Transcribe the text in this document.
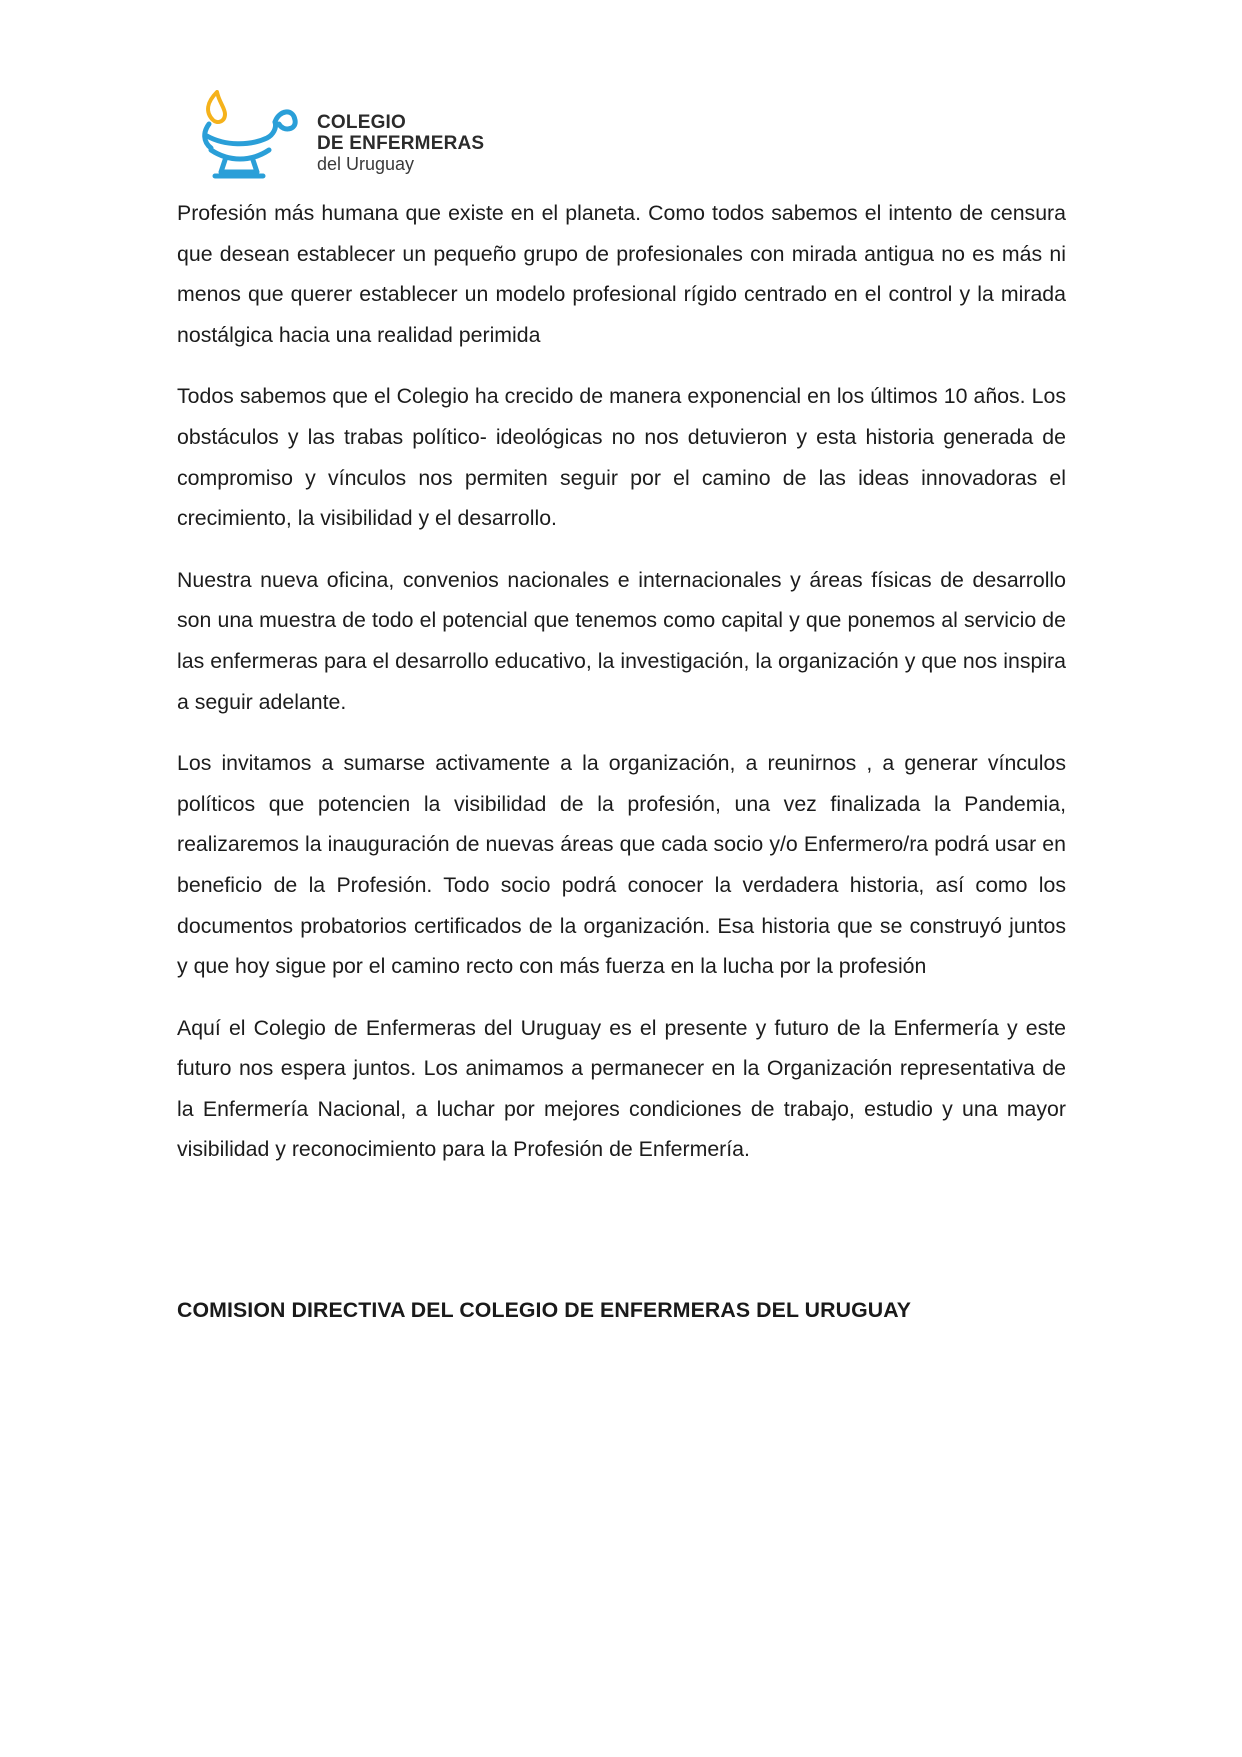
COLEGIO
DE ENFERMERAS
del Uruguay

Profesión más humana que existe en el planeta. Como todos sabemos el intento de censura que desean establecer un pequeño grupo de profesionales con mirada antigua no es más ni menos que querer establecer un modelo profesional rígido centrado en el control y la mirada nostálgica hacia una realidad perimida

Todos sabemos que el Colegio ha crecido de manera exponencial en los últimos 10 años. Los obstáculos y las trabas político- ideológicas no nos detuvieron y esta historia generada de compromiso y vínculos nos permiten seguir por el camino de las ideas innovadoras el crecimiento, la visibilidad y el desarrollo.

Nuestra nueva oficina, convenios nacionales e internacionales y áreas físicas de desarrollo son una muestra de todo el potencial que tenemos como capital y que ponemos al servicio de las enfermeras para el desarrollo educativo, la investigación, la organización y que nos inspira a seguir adelante.

Los invitamos a sumarse activamente a la organización, a reunirnos , a generar vínculos políticos que potencien la visibilidad de la profesión, una vez finalizada la Pandemia, realizaremos la inauguración de nuevas áreas que cada socio y/o Enfermero/ra podrá usar en beneficio de la Profesión. Todo socio podrá conocer la verdadera historia, así como los documentos probatorios certificados de la organización. Esa historia que se construyó juntos y que hoy sigue por el camino recto con más fuerza en la lucha por la profesión

Aquí el Colegio de Enfermeras del Uruguay es el presente y futuro de la Enfermería y este futuro nos espera juntos. Los animamos a permanecer en la Organización representativa de la Enfermería Nacional, a luchar por mejores condiciones de trabajo, estudio y una mayor visibilidad y reconocimiento para la Profesión de Enfermería.

COMISION DIRECTIVA DEL COLEGIO DE ENFERMERAS DEL URUGUAY
